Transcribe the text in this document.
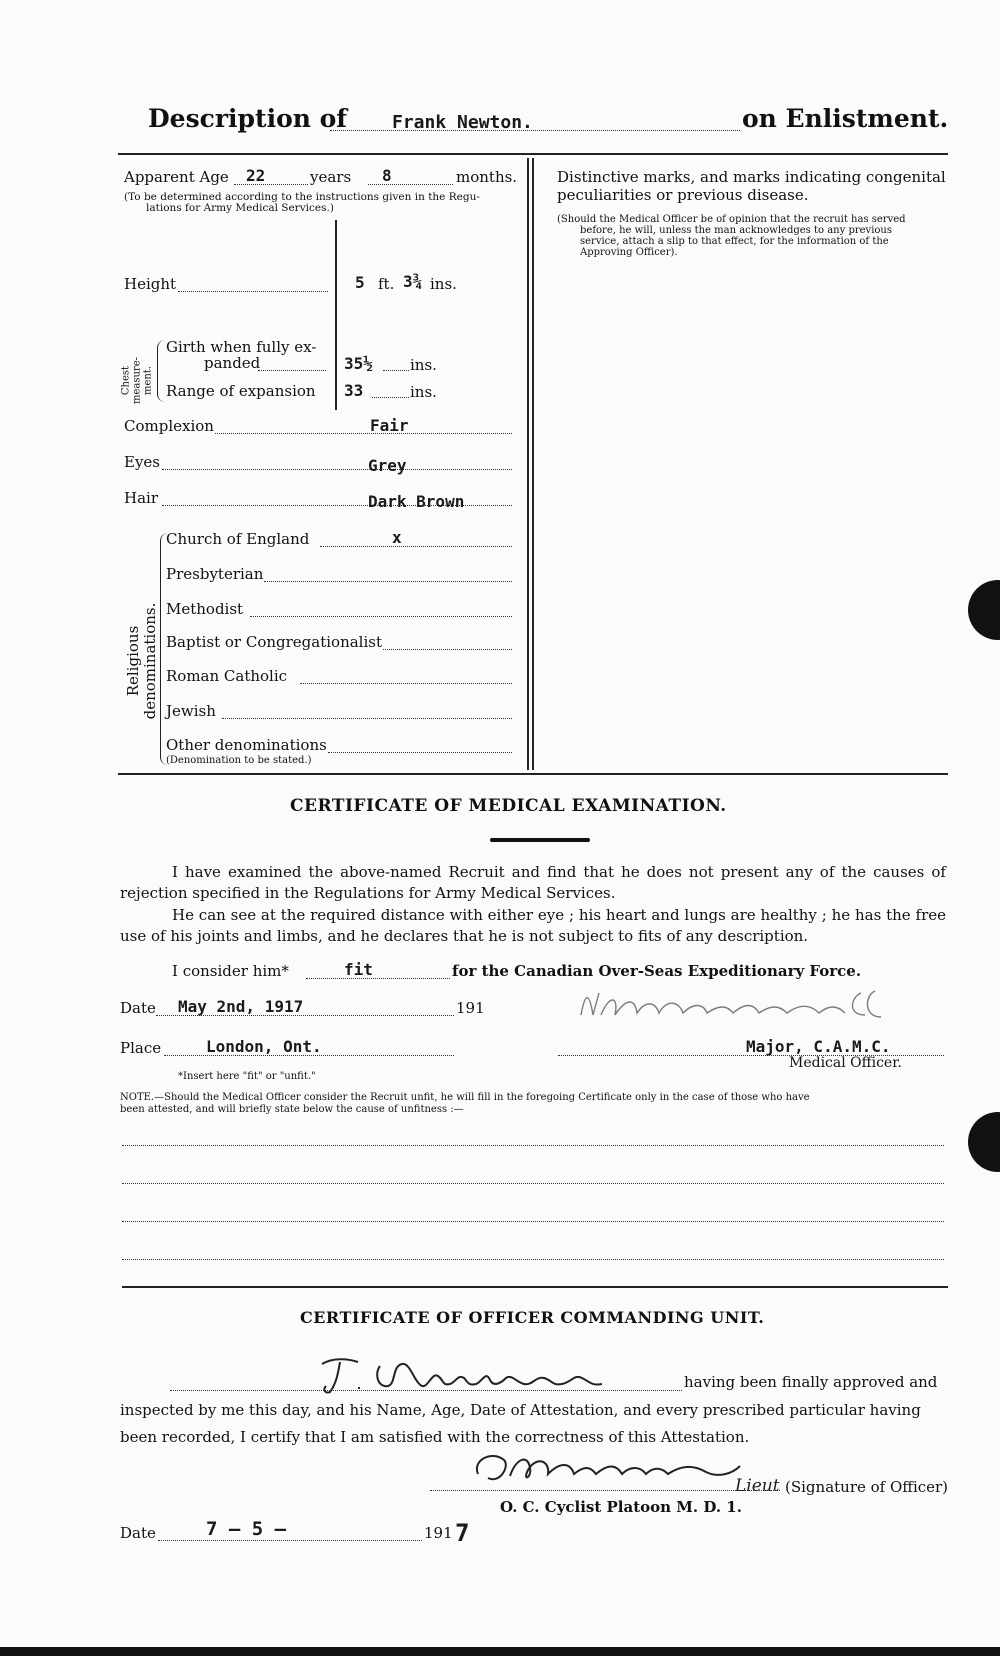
Description of Frank Newton.	on Enlistment.
Apparent Age 22	years 8	months.
(To be determined according to the instructions given in the Regu-
lations for Army Medical Services.)
Height	5 ft. 3¾ ins.
Chest measure- ment.
Girth when fully ex-
panded	35½ ins.
Range of expansion 33	ins.
Complexion	Fair
Eyes	Grey
Hair	Dark Brown
Religious denominations.
Church of England	x
Presbyterian
Methodist
Baptist or Congregationalist
Roman Catholic
Jewish
Other denominations
(Denomination to be stated.)
Distinctive marks, and marks indicating congenital
peculiarities or previous disease.
(Should the Medical Officer be of opinion that the recruit has served
before, he will, unless the man acknowledges to any previous
service, attach a slip to that effect, for the information of the
Approving Officer).
CERTIFICATE OF MEDICAL EXAMINATION.
I have examined the above-named Recruit and find that he does not present any of the causes of rejection specified in the Regulations for Army Medical Services.
He can see at the required distance with either eye ; his heart and lungs are healthy ; he has the free use of his joints and limbs, and he declares that he is not subject to fits of any description.
I consider him*	fit	for the Canadian Over-Seas Expeditionary Force.
Date May 2nd, 1917	191
Place	London, Ont.	Major, C.A.M.C.
Medical Officer.
*Insert here "fit" or "unfit."
NOTE.—Should the Medical Officer consider the Recruit unfit, he will fill in the foregoing Certificate only in the case of those who have
been attested, and will briefly state below the cause of unfitness :—
CERTIFICATE OF OFFICER COMMANDING UNIT.
having been finally approved and
inspected by me this day, and his Name, Age, Date of Attestation, and every prescribed particular having
been recorded, I certify that I am satisfied with the correctness of this Attestation.
Lieut (Signature of Officer)
O. C. Cyclist Platoon M. D. 1.
Date	7 — 5 —	191 7
